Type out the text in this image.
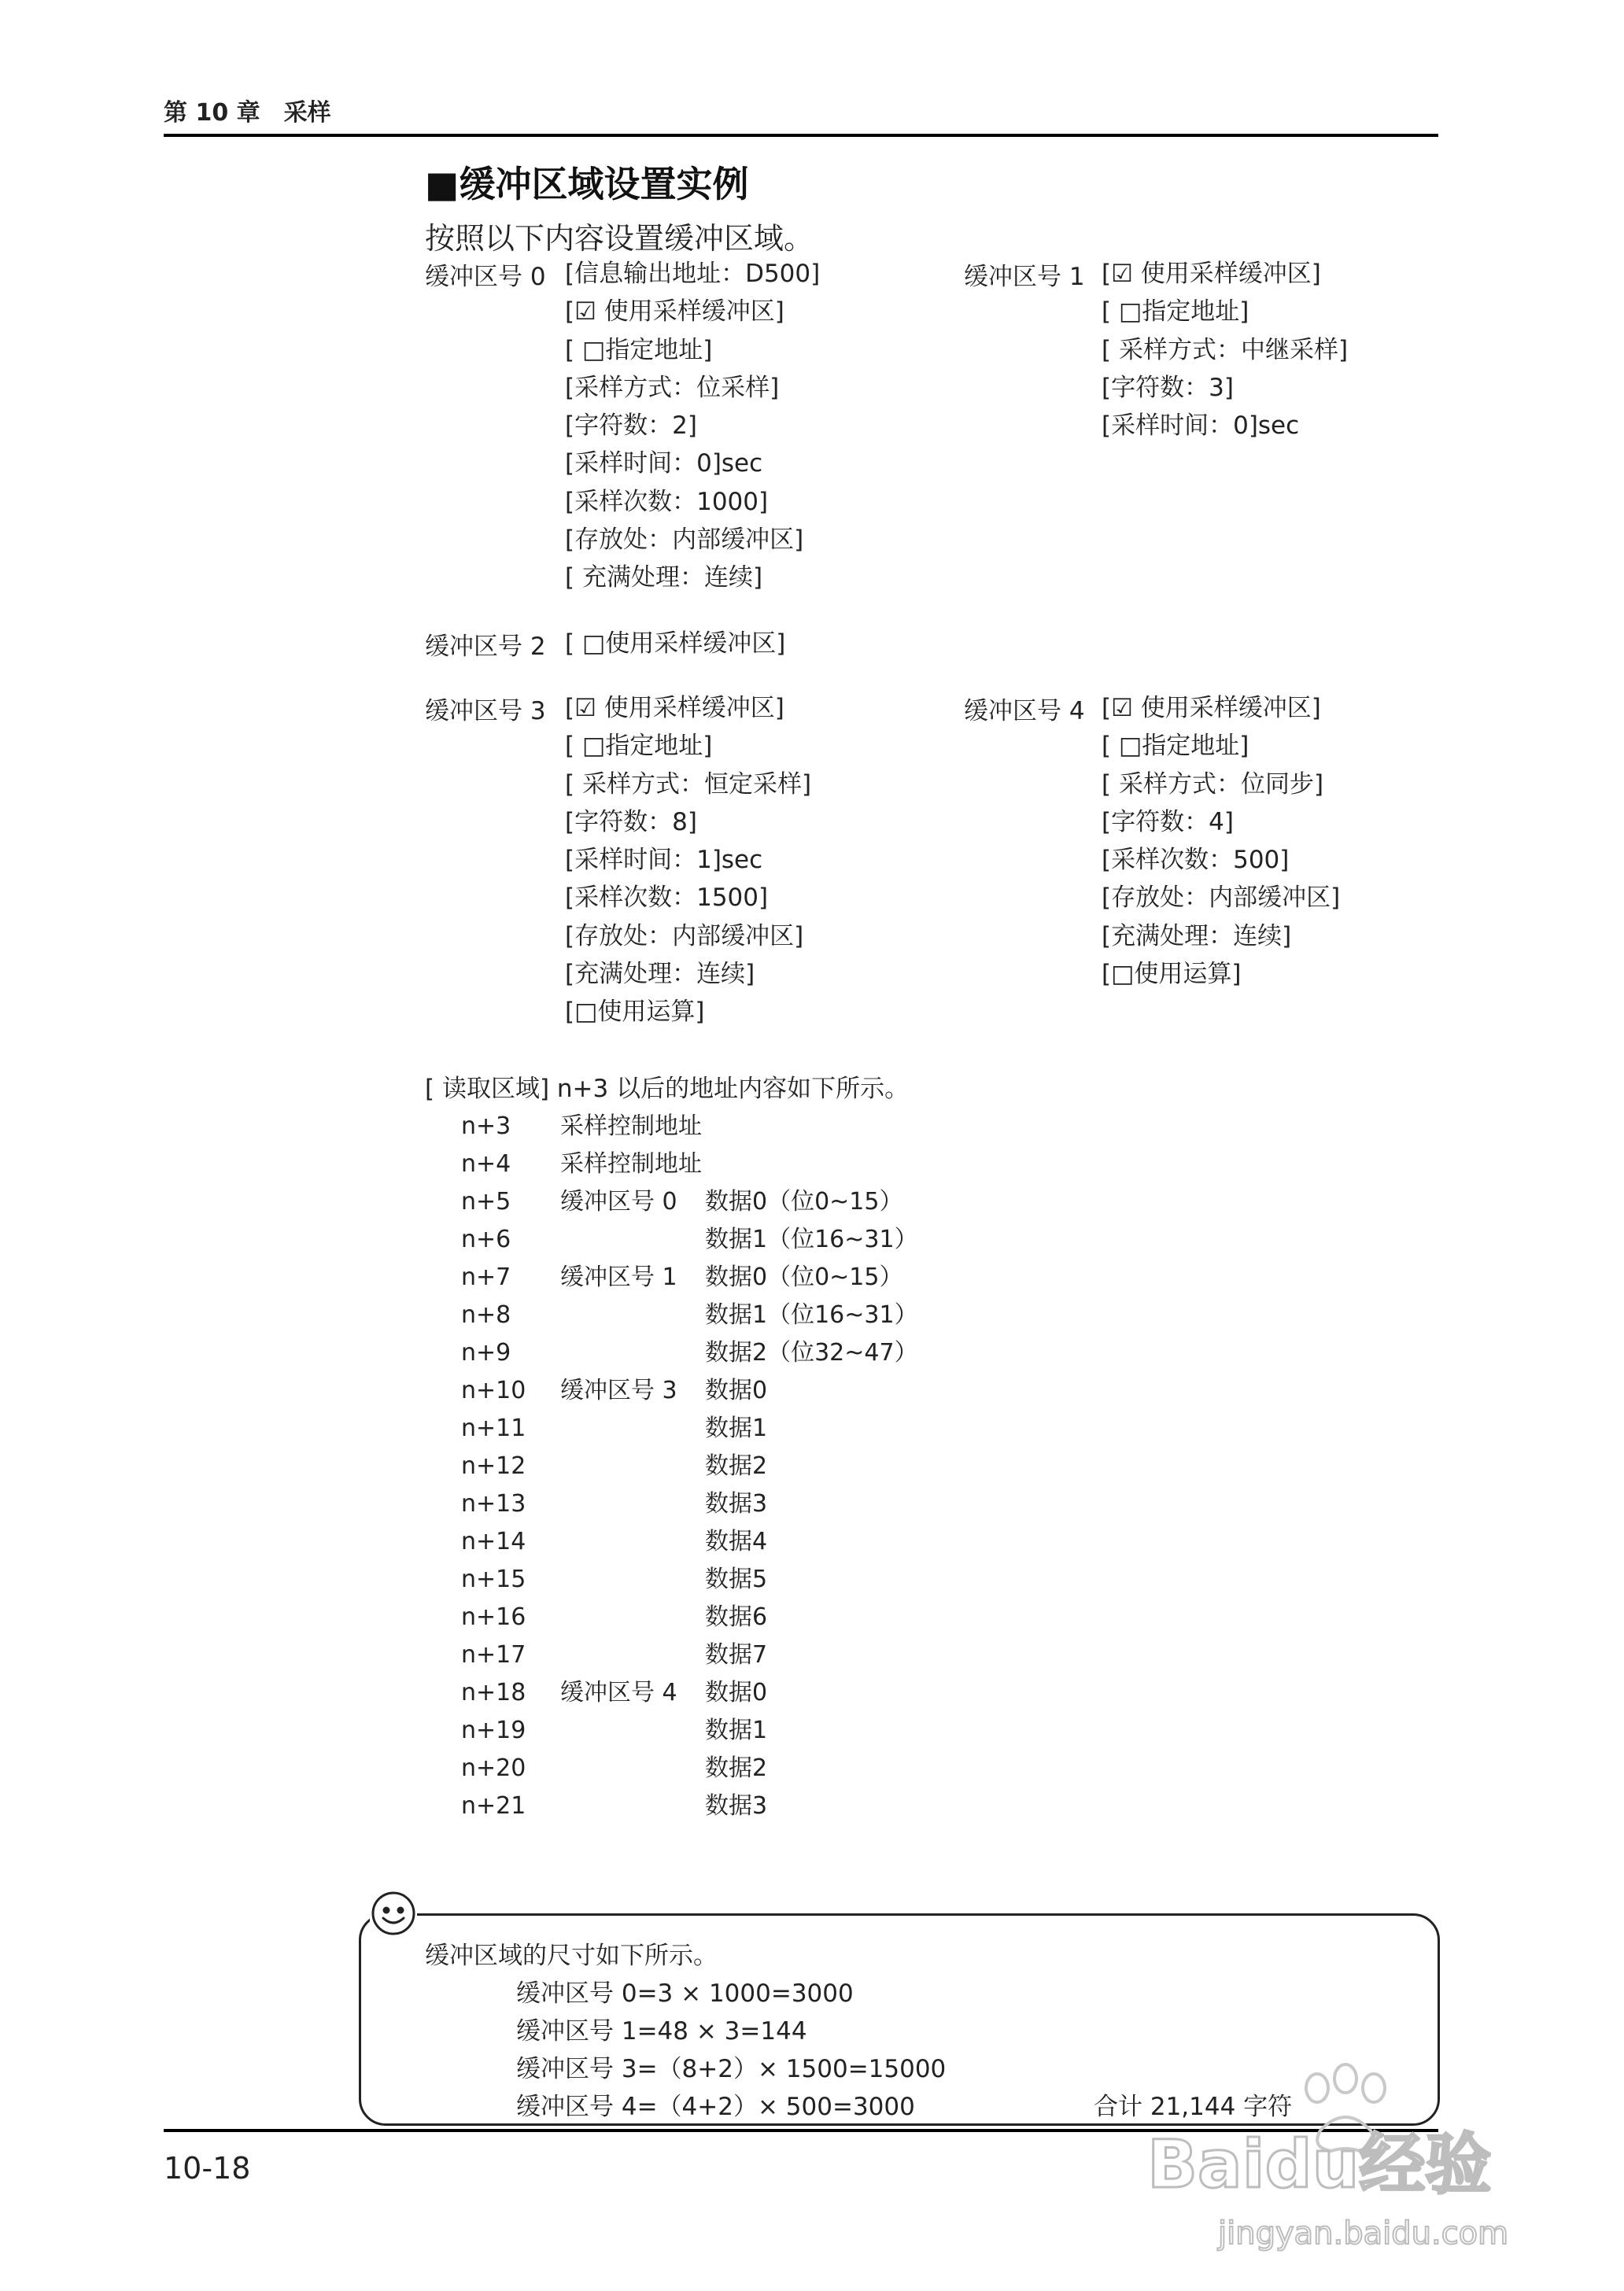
第 10 章　采样
■缓冲区域设置实例
按照以下内容设置缓冲区域。
缓冲区号 0 [信息输出地址：D500]
[☑ 使用采样缓冲区]
[ □指定地址]
[采样方式：位采样]
[字符数：2]
[采样时间：0]sec
[采样次数：1000]
[存放处：内部缓冲区]
[ 充满处理：连续]
缓冲区号 1 [☑ 使用采样缓冲区]
[ □指定地址]
[ 采样方式：中继采样]
[字符数：3]
[采样时间：0]sec
缓冲区号 2 [ □使用采样缓冲区]
缓冲区号 3 [☑ 使用采样缓冲区]
[ □指定地址]
[ 采样方式：恒定采样]
[字符数：8]
[采样时间：1]sec
[采样次数：1500]
[存放处：内部缓冲区]
[充满处理：连续]
[□使用运算]
缓冲区号 4 [☑ 使用采样缓冲区]
[ □指定地址]
[ 采样方式：位同步]
[字符数：4]
[采样次数：500]
[存放处：内部缓冲区]
[充满处理：连续]
[□使用运算]
[ 读取区域] n+3 以后的地址内容如下所示。
n+3 采样控制地址
n+4 采样控制地址
n+5 缓冲区号 0 数据0（位0~15）
n+6	数据1（位16~31）
n+7 缓冲区号 1 数据0（位0~15）
n+8	数据1（位16~31）
n+9	数据2（位32~47）
n+10 缓冲区号 3 数据0
n+11	数据1
n+12	数据2
n+13	数据3
n+14	数据4
n+15	数据5
n+16	数据6
n+17	数据7
n+18 缓冲区号 4 数据0
n+19	数据1
n+20	数据2
n+21	数据3
缓冲区域的尺寸如下所示。
缓冲区号 0=3 × 1000=3000
缓冲区号 1=48 × 3=144
缓冲区号 3=（8+2）× 1500=15000
缓冲区号 4=（4+2）× 500=3000	合计 21,144 字符
10-18	Baidu经验
jingyan.baidu.com
